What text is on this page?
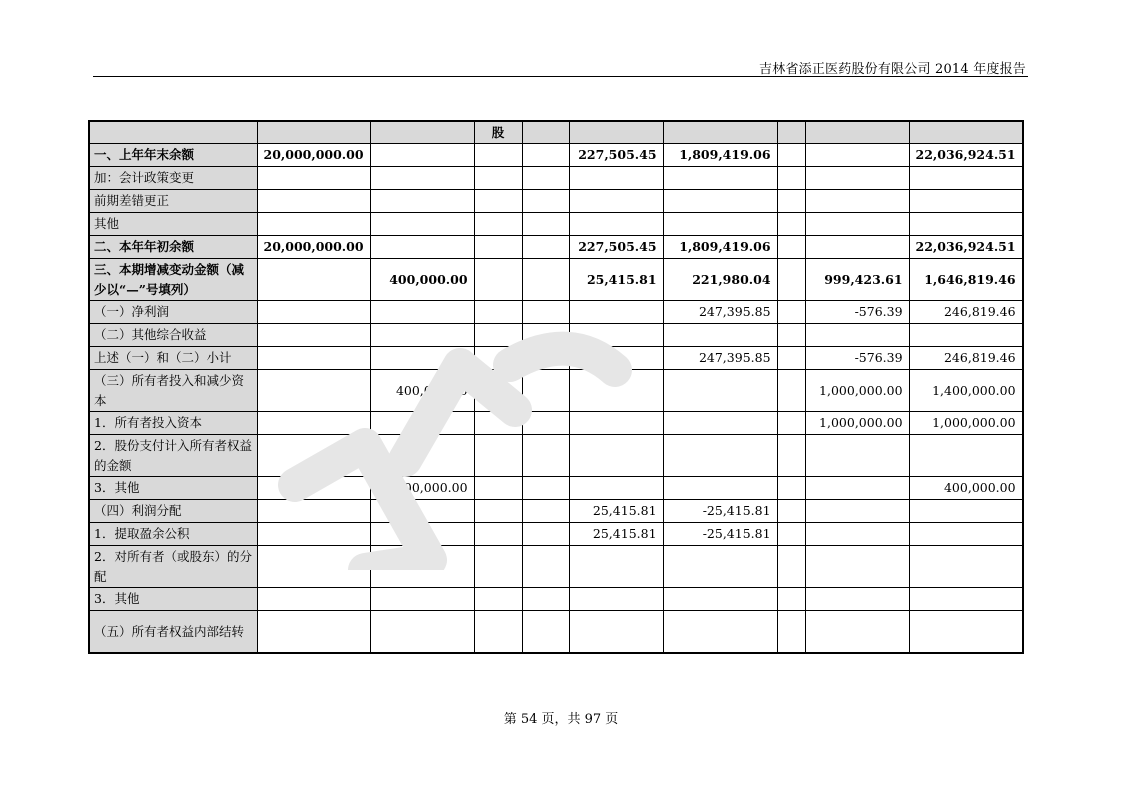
吉林省添正医药股份有限公司 2014 年度报告
			股						
一、上年年末余额	20,000,000.00				227,505.45	1,809,419.06			22,036,924.51
加：会计政策变更									
前期差错更正									
其他									
二、本年年初余额	20,000,000.00				227,505.45	1,809,419.06			22,036,924.51
三、本期增减变动金额（减少以“—”号填列）		400,000.00			25,415.81	221,980.04		999,423.61	1,646,819.46
（一）净利润						247,395.85		-576.39	246,819.46
（二）其他综合收益									
上述（一）和（二）小计						247,395.85		-576.39	246,819.46
（三）所有者投入和减少资本		400,000.00						1,000,000.00	1,400,000.00
1．所有者投入资本								1,000,000.00	1,000,000.00
2．股份支付计入所有者权益的金额									
3．其他		400,000.00							400,000.00
（四）利润分配					25,415.81	-25,415.81			
1．提取盈余公积					25,415.81	-25,415.81			
2．对所有者（或股东）的分配									
3．其他									
（五）所有者权益内部结转									
第 54 页，共 97 页
